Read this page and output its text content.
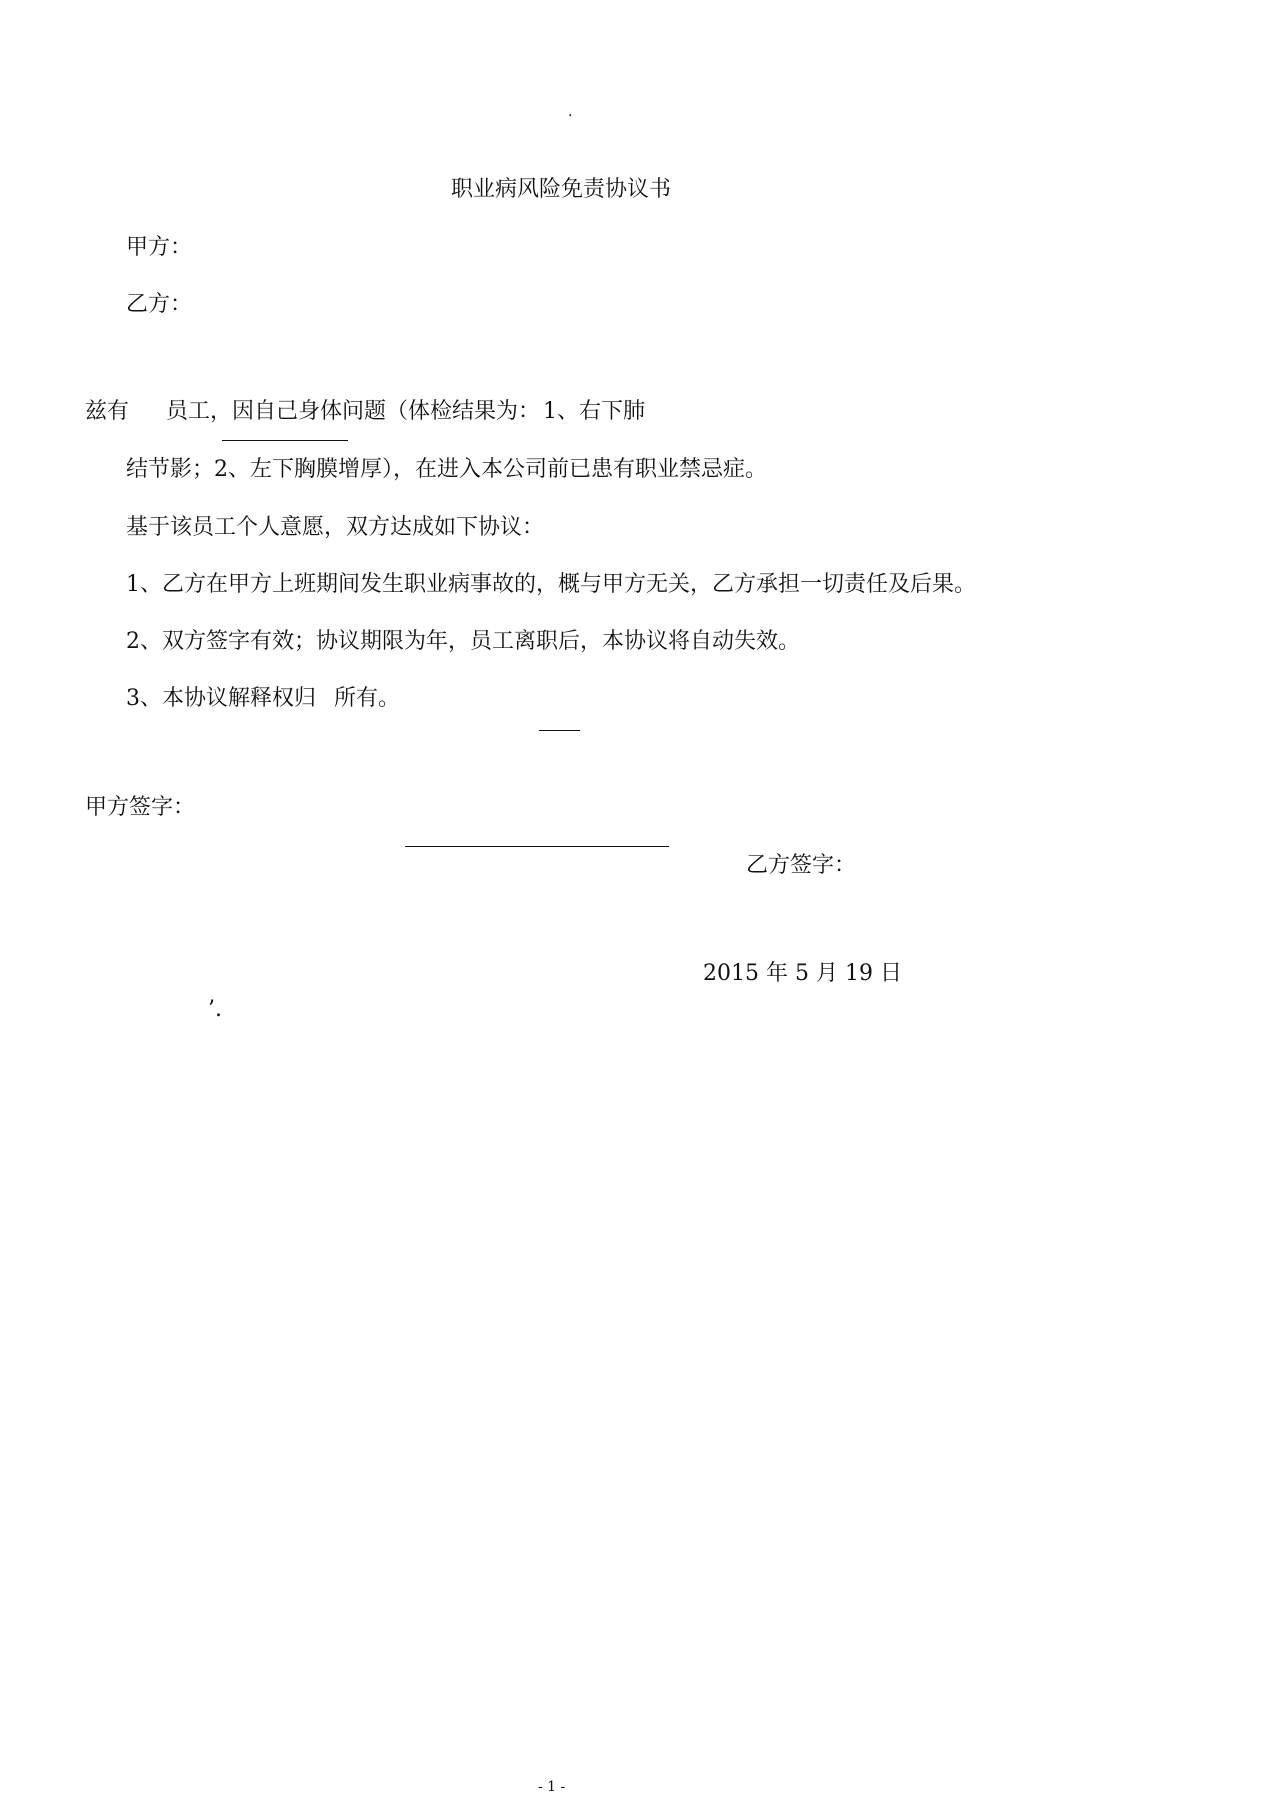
.
职业病风险免责协议书
甲方：
乙方：
兹有 员工，因自己身体问题（体检结果为： 1、右下肺
结节影；2、左下胸膜增厚），在进入本公司前已患有职业禁忌症。
基于该员工个人意愿，双方达成如下协议：
1、乙方在甲方上班期间发生职业病事故的，概与甲方无关，乙方承担一切责任及后果。
2、双方签字有效；协议期限为年，员工离职后，本协议将自动失效。
3、本协议解释权归 所有。
甲方签字：
乙方签字：
2015 年 5 月 19 日
’.
- 1 -
